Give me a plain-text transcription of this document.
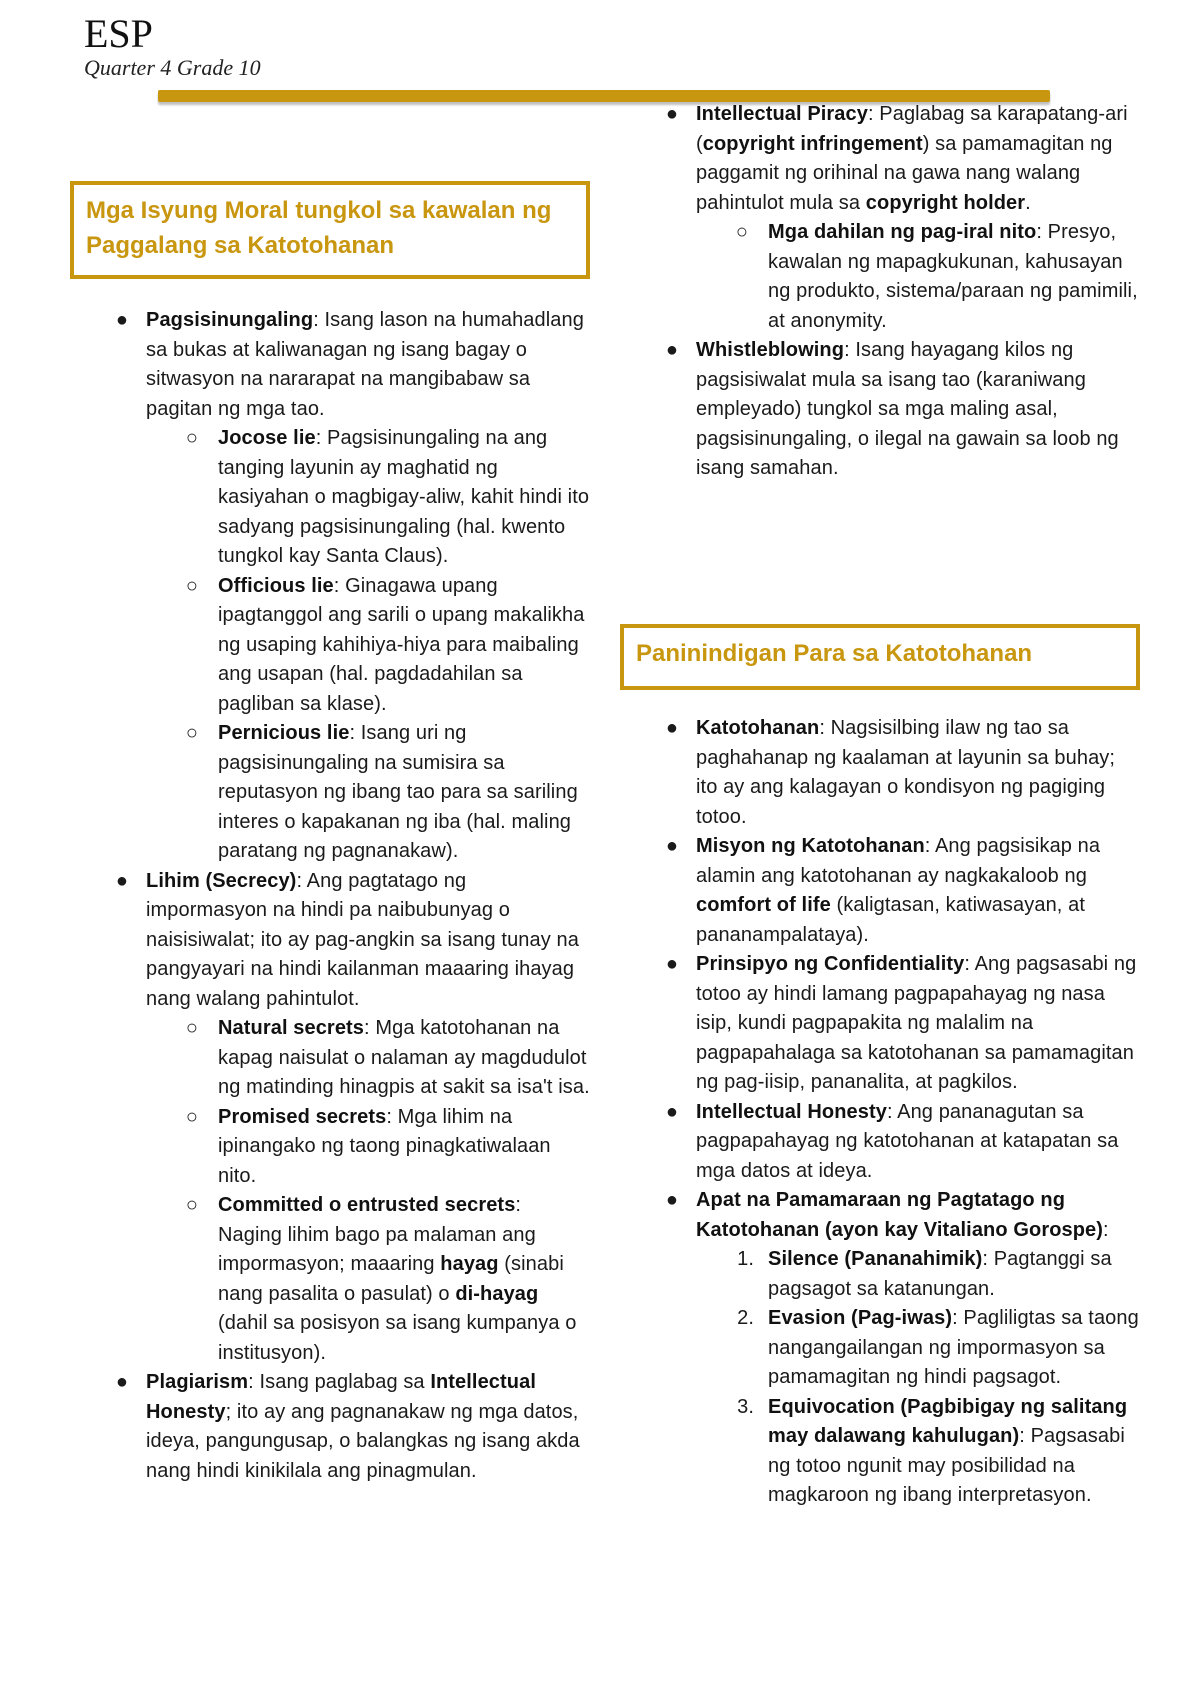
ESP
Quarter 4 Grade 10
Mga Isyung Moral tungkol sa kawalan ng Paggalang sa Katotohanan
● Pagsisinungaling: Isang lason na humahadlang sa bukas at kaliwanagan ng isang bagay o sitwasyon na nararapat na mangibabaw sa pagitan ng mga tao.
○ Jocose lie: Pagsisinungaling na ang tanging layunin ay maghatid ng kasiyahan o magbigay-aliw, kahit hindi ito sadyang pagsisinungaling (hal. kwento tungkol kay Santa Claus).
○ Officious lie: Ginagawa upang ipagtanggol ang sarili o upang makalikha ng usaping kahihiya-hiya para maibaling ang usapan (hal. pagdadahilan sa pagliban sa klase).
○ Pernicious lie: Isang uri ng pagsisinungaling na sumisira sa reputasyon ng ibang tao para sa sariling interes o kapakanan ng iba (hal. maling paratang ng pagnanakaw).
● Lihim (Secrecy): Ang pagtatago ng impormasyon na hindi pa naibubunyag o naisisiwalat; ito ay pag-angkin sa isang tunay na pangyayari na hindi kailanman maaaring ihayag nang walang pahintulot.
○ Natural secrets: Mga katotohanan na kapag naisulat o nalaman ay magdudulot ng matinding hinagpis at sakit sa isa't isa.
○ Promised secrets: Mga lihim na ipinangako ng taong pinagkatiwalaan nito.
○ Committed o entrusted secrets: Naging lihim bago pa malaman ang impormasyon; maaaring hayag (sinabi nang pasalita o pasulat) o di-hayag (dahil sa posisyon sa isang kumpanya o institusyon).
● Plagiarism: Isang paglabag sa Intellectual Honesty; ito ay ang pagnanakaw ng mga datos, ideya, pangungusap, o balangkas ng isang akda nang hindi kinikilala ang pinagmulan.
● Intellectual Piracy: Paglabag sa karapatang-ari (copyright infringement) sa pamamagitan ng paggamit ng orihinal na gawa nang walang pahintulot mula sa copyright holder.
○ Mga dahilan ng pag-iral nito: Presyo, kawalan ng mapagkukunan, kahusayan ng produkto, sistema/paraan ng pamimili, at anonymity.
● Whistleblowing: Isang hayagang kilos ng pagsisiwalat mula sa isang tao (karaniwang empleyado) tungkol sa mga maling asal, pagsisinungaling, o ilegal na gawain sa loob ng isang samahan.
Paninindigan Para sa Katotohanan
● Katotohanan: Nagsisilbing ilaw ng tao sa paghahanap ng kaalaman at layunin sa buhay; ito ay ang kalagayan o kondisyon ng pagiging totoo.
● Misyon ng Katotohanan: Ang pagsisikap na alamin ang katotohanan ay nagkakaloob ng comfort of life (kaligtasan, katiwasayan, at pananampalataya).
● Prinsipyo ng Confidentiality: Ang pagsasabi ng totoo ay hindi lamang pagpapahayag ng nasa isip, kundi pagpapakita ng malalim na pagpapahalaga sa katotohanan sa pamamagitan ng pag-iisip, pananalita, at pagkilos.
● Intellectual Honesty: Ang pananagutan sa pagpapahayag ng katotohanan at katapatan sa mga datos at ideya.
● Apat na Pamamaraan ng Pagtatago ng Katotohanan (ayon kay Vitaliano Gorospe):
1. Silence (Pananahimik): Pagtanggi sa pagsagot sa katanungan.
2. Evasion (Pag-iwas): Pagliligtas sa taong nangangailangan ng impormasyon sa pamamagitan ng hindi pagsagot.
3. Equivocation (Pagbibigay ng salitang may dalawang kahulugan): Pagsasabi ng totoo ngunit may posibilidad na magkaroon ng ibang interpretasyon.
